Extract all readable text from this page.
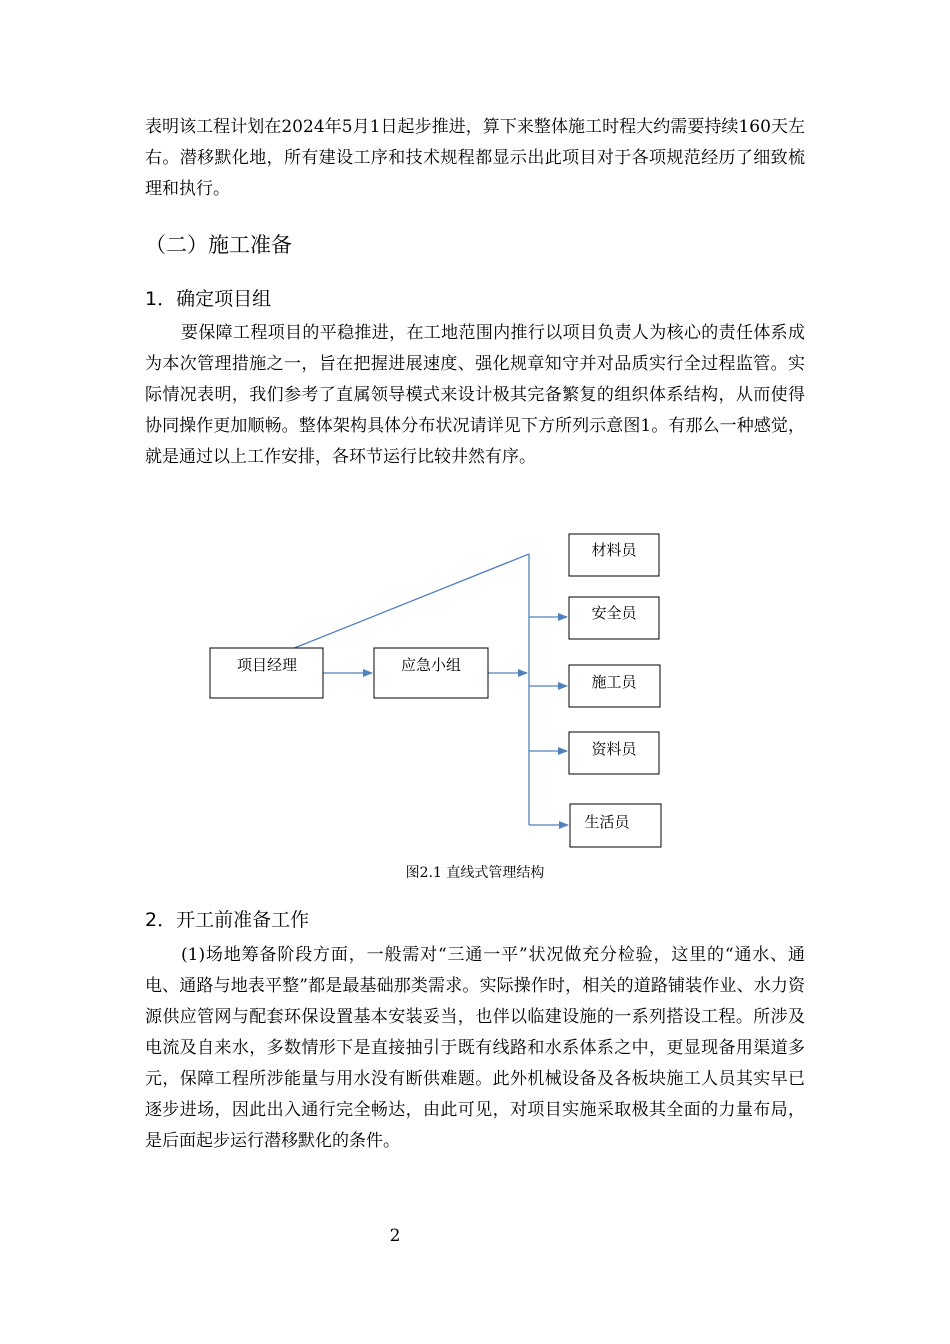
表明该工程计划在2024年5月1日起步推进，算下来整体施工时程大约需要持续160天左右。潜移默化地，所有建设工序和技术规程都显示出此项目对于各项规范经历了细致梳理和执行。

（二）施工准备
1．确定项目组

要保障工程项目的平稳推进，在工地范围内推行以项目负责人为核心的责任体系成为本次管理措施之一，旨在把握进展速度、强化规章知守并对品质实行全过程监管。实际情况表明，我们参考了直属领导模式来设计极其完备繁复的组织体系结构，从而使得协同操作更加顺畅。整体架构具体分布状况请详见下方所列示意图1。有那么一种感觉，就是通过以上工作安排，各环节运行比较井然有序。

项目经理	应急小组
材料员
安全员
施工员
资料员
生活员

图2.1 直线式管理结构

2．开工前准备工作

(1)场地筹备阶段方面，一般需对“三通一平”状况做充分检验，这里的“通水、通电、通路与地表平整”都是最基础那类需求。实际操作时，相关的道路铺装作业、水力资源供应管网与配套环保设置基本安装妥当，也伴以临建设施的一系列搭设工程。所涉及电流及自来水，多数情形下是直接抽引于既有线路和水系体系之中，更显现备用渠道多元，保障工程所涉能量与用水没有断供难题。此外机械设备及各板块施工人员其实早已逐步进场，因此出入通行完全畅达，由此可见，对项目实施采取极其全面的力量布局，是后面起步运行潜移默化的条件。

2
